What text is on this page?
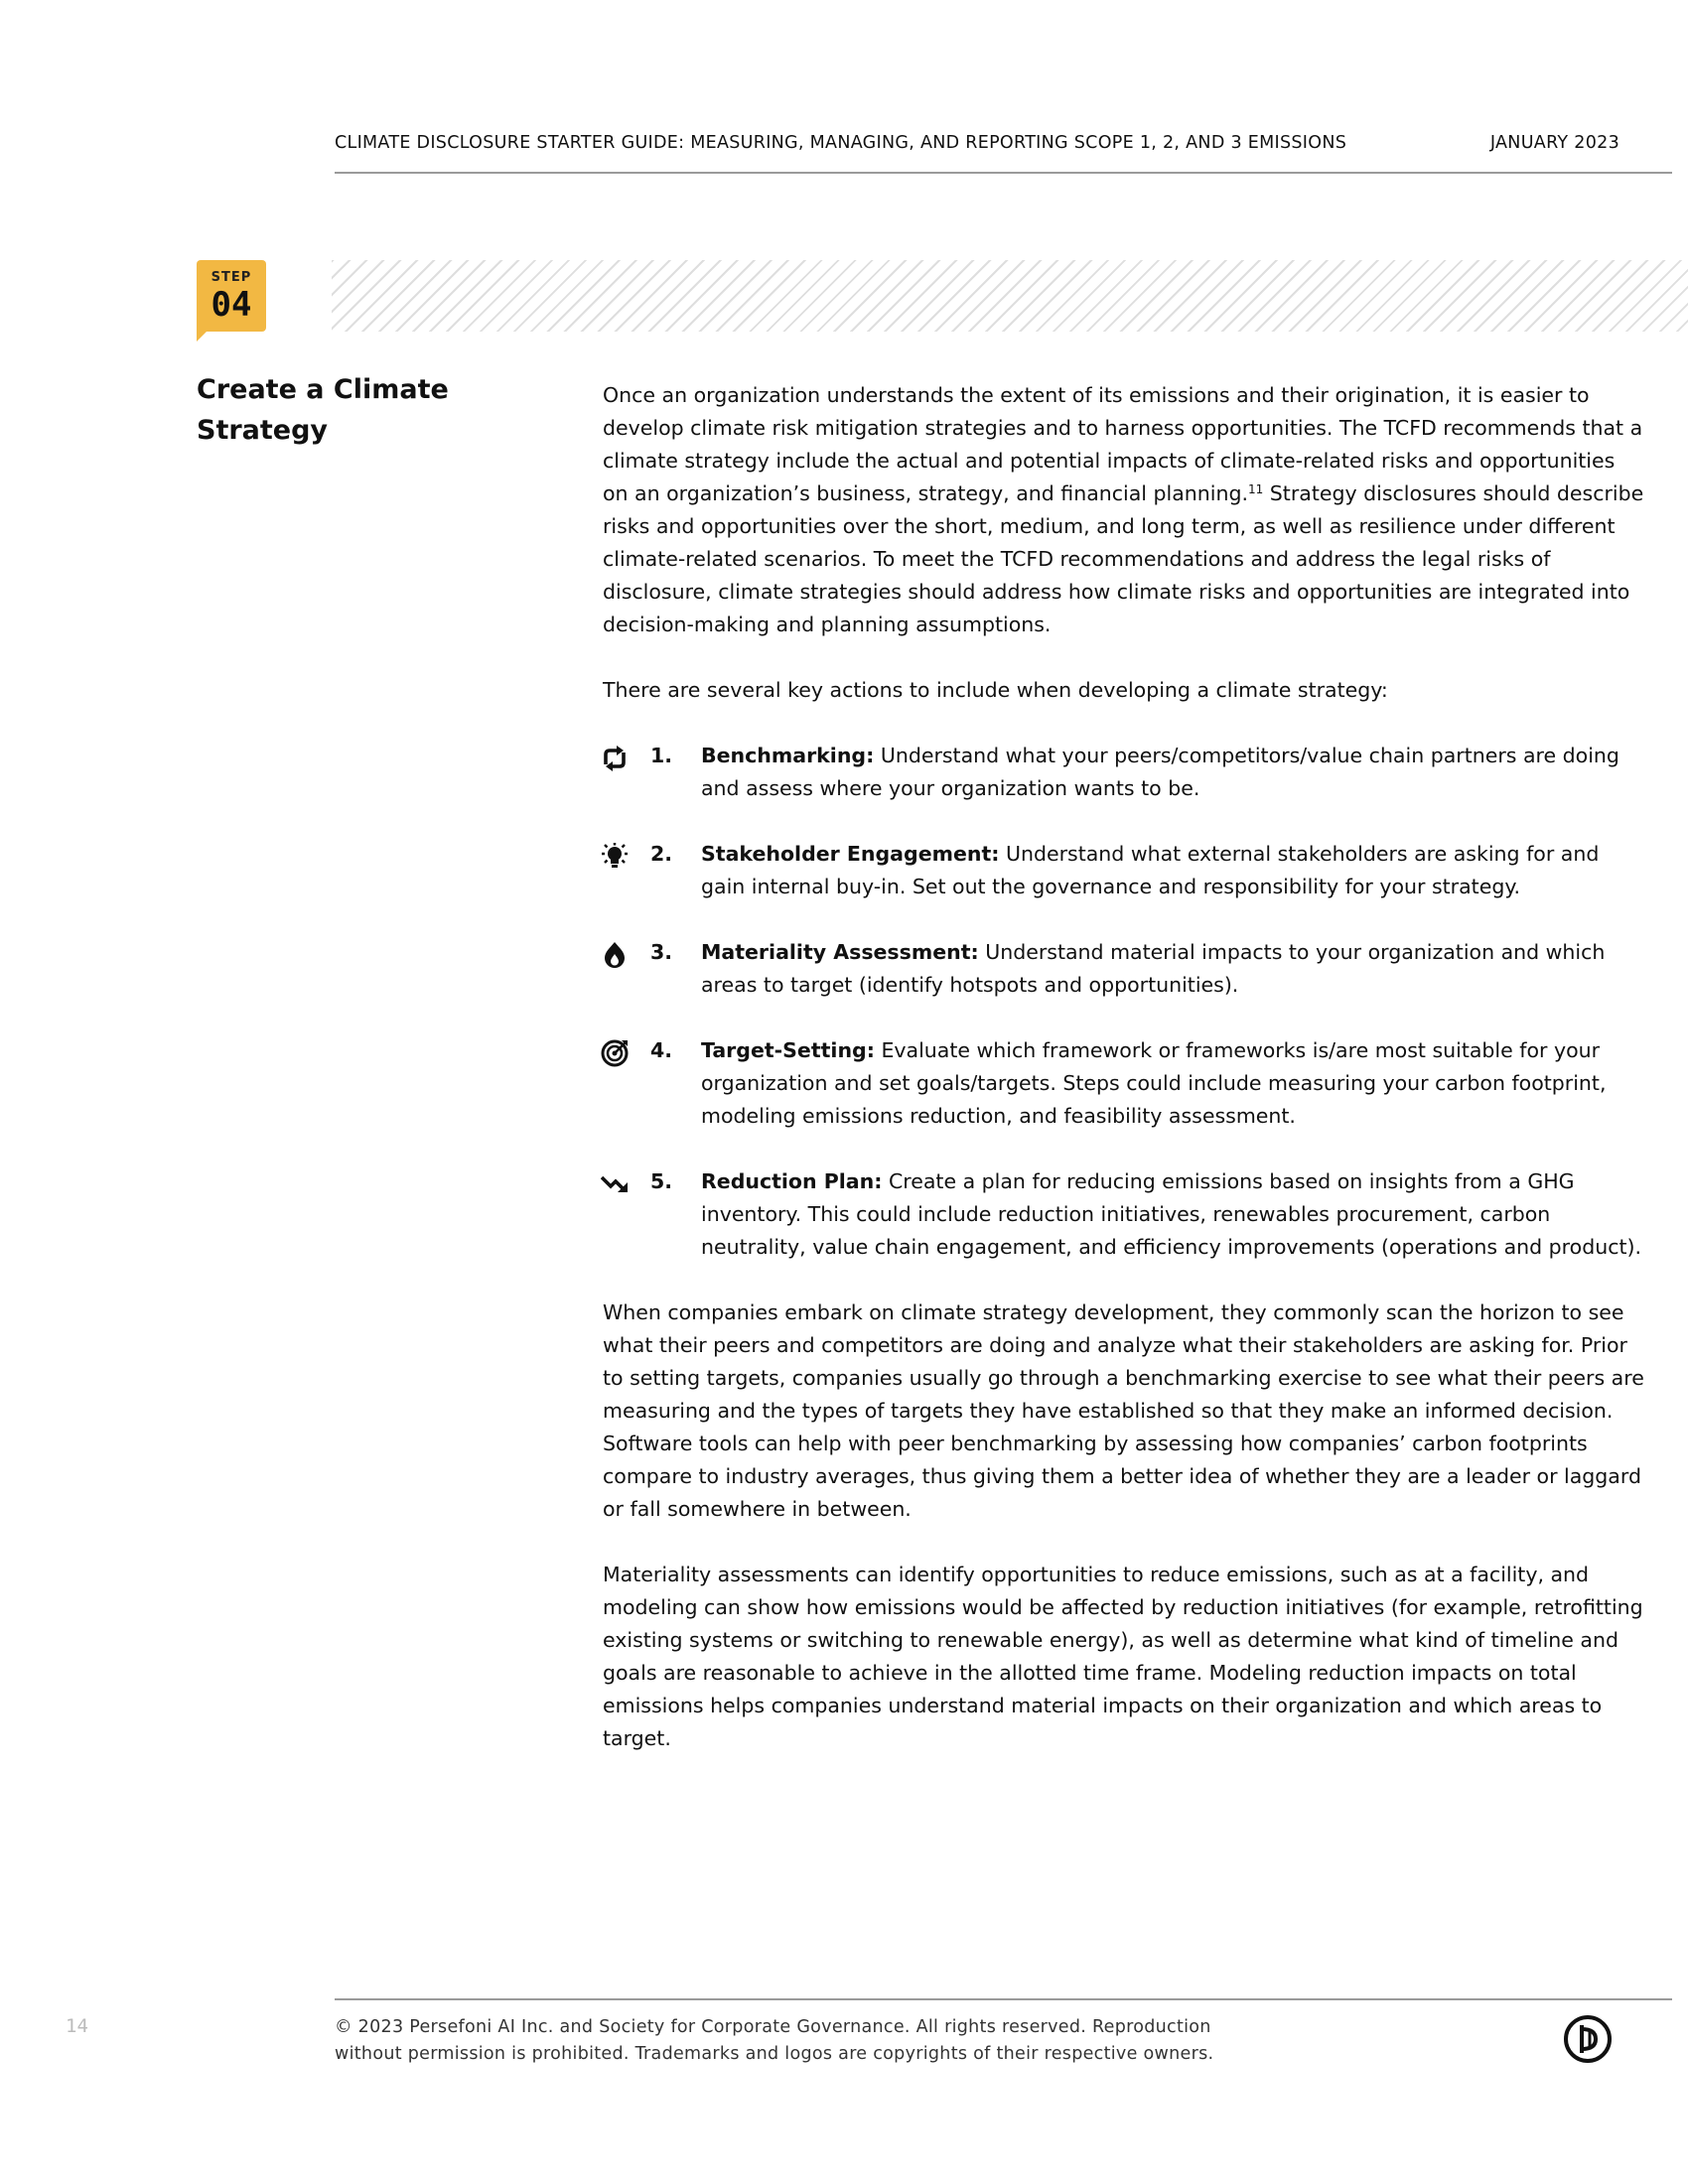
CLIMATE DISCLOSURE STARTER GUIDE: MEASURING, MANAGING, AND REPORTING SCOPE 1, 2, AND 3 EMISSIONS	JANUARY 2023
STEP
04
Create a Climate Strategy

Once an organization understands the extent of its emissions and their origination, it is easier to develop climate risk mitigation strategies and to harness opportunities. The TCFD recommends that a climate strategy include the actual and potential impacts of climate-related risks and opportunities on an organization’s business, strategy, and financial planning.$^{11}$ Strategy disclosures should describe risks and opportunities over the short, medium, and long term, as well as resilience under different climate-related scenarios. To meet the TCFD recommendations and address the legal risks of disclosure, climate strategies should address how climate risks and opportunities are integrated into decision-making and planning assumptions.

There are several key actions to include when developing a climate strategy:

1. Benchmarking: Understand what your peers/competitors/value chain partners are doing and assess where your organization wants to be.
2. Stakeholder Engagement: Understand what external stakeholders are asking for and gain internal buy-in. Set out the governance and responsibility for your strategy.
3. Materiality Assessment: Understand material impacts to your organization and which areas to target (identify hotspots and opportunities).
4. Target-Setting: Evaluate which framework or frameworks is/are most suitable for your organization and set goals/targets. Steps could include measuring your carbon footprint, modeling emissions reduction, and feasibility assessment.
5. Reduction Plan: Create a plan for reducing emissions based on insights from a GHG inventory. This could include reduction initiatives, renewables procurement, carbon neutrality, value chain engagement, and efficiency improvements (operations and product).

When companies embark on climate strategy development, they commonly scan the horizon to see what their peers and competitors are doing and analyze what their stakeholders are asking for. Prior to setting targets, companies usually go through a benchmarking exercise to see what their peers are measuring and the types of targets they have established so that they make an informed decision. Software tools can help with peer benchmarking by assessing how companies’ carbon footprints compare to industry averages, thus giving them a better idea of whether they are a leader or laggard or fall somewhere in between.

Materiality assessments can identify opportunities to reduce emissions, such as at a facility, and modeling can show how emissions would be affected by reduction initiatives (for example, retrofitting existing systems or switching to renewable energy), as well as determine what kind of timeline and goals are reasonable to achieve in the allotted time frame. Modeling reduction impacts on total emissions helps companies understand material impacts on their organization and which areas to target.

14	© 2023 Persefoni AI Inc. and Society for Corporate Governance. All rights reserved. Reproduction
without permission is prohibited. Trademarks and logos are copyrights of their respective owners.
